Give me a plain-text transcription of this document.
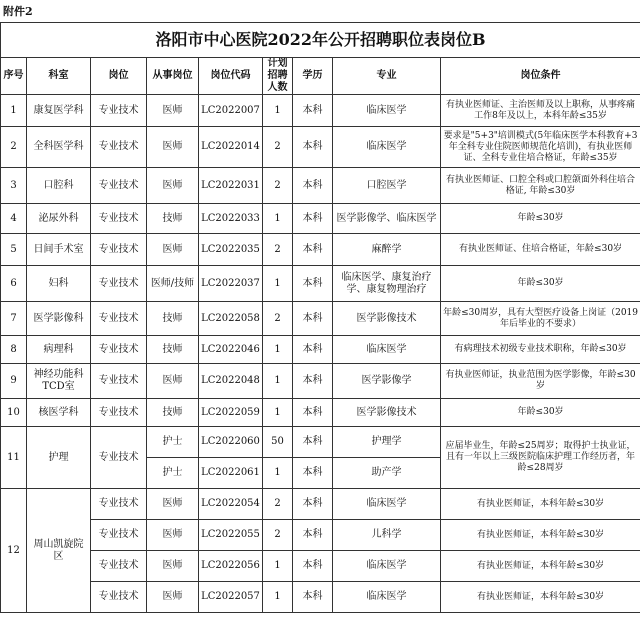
附件2
洛阳市中心医院2022年公开招聘职位表岗位B								
序号	科室	岗位	从事岗位	岗位代码	计划招聘人数	学历	专业	岗位条件
1	康复医学科	专业技术	医师	LC2022007	1	本科	临床医学	有执业医师证、主治医师及以上职称，从事疼痛工作8年及以上，本科年龄≤35岁
2	全科医学科	专业技术	医师	LC2022014	2	本科	临床医学	要求是"5+3"培训模式(5年临床医学本科教育+3年全科专业住院医师规范化培训)，有执业医师证、全科专业住培合格证，年龄≤35岁
3	口腔科	专业技术	医师	LC2022031	2	本科	口腔医学	有执业医师证、口腔全科或口腔颌面外科住培合格证, 年龄≤30岁
4	泌尿外科	专业技术	技师	LC2022033	1	本科	医学影像学、临床医学	年龄≤30岁
5	日间手术室	专业技术	医师	LC2022035	2	本科	麻醉学	有执业医师证、住培合格证，年龄≤30岁
6	妇科	专业技术	医师/技师	LC2022037	1	本科	临床医学、康复治疗学、康复物理治疗	年龄≤30岁
7	医学影像科	专业技术	技师	LC2022058	2	本科	医学影像技术	年龄≤30周岁，具有大型医疗设备上岗证（2019年后毕业的不要求）
8	病理科	专业技术	技师	LC2022046	1	本科	临床医学	有病理技术初级专业技术职称，年龄≤30岁
9	神经功能科TCD室	专业技术	医师	LC2022048	1	本科	医学影像学	有执业医师证，执业范围为医学影像，年龄≤30岁
10	核医学科	专业技术	技师	LC2022059	1	本科	医学影像技术	年龄≤30岁
11	护理	专业技术	护士	LC2022060	50	本科	护理学	应届毕业生，年龄≤25周岁；取得护士执业证，且有一年以上三级医院临床护理工作经历者，年龄≤28周岁
			护士	LC2022061	1	本科	助产学	
12	周山凯旋院区	专业技术	医师	LC2022054	2	本科	临床医学	有执业医师证，本科年龄≤30岁
		专业技术	医师	LC2022055	2	本科	儿科学	有执业医师证，本科年龄≤30岁
		专业技术	医师	LC2022056	1	本科	临床医学	有执业医师证，本科年龄≤30岁
		专业技术	医师	LC2022057	1	本科	临床医学	有执业医师证，本科年龄≤30岁
